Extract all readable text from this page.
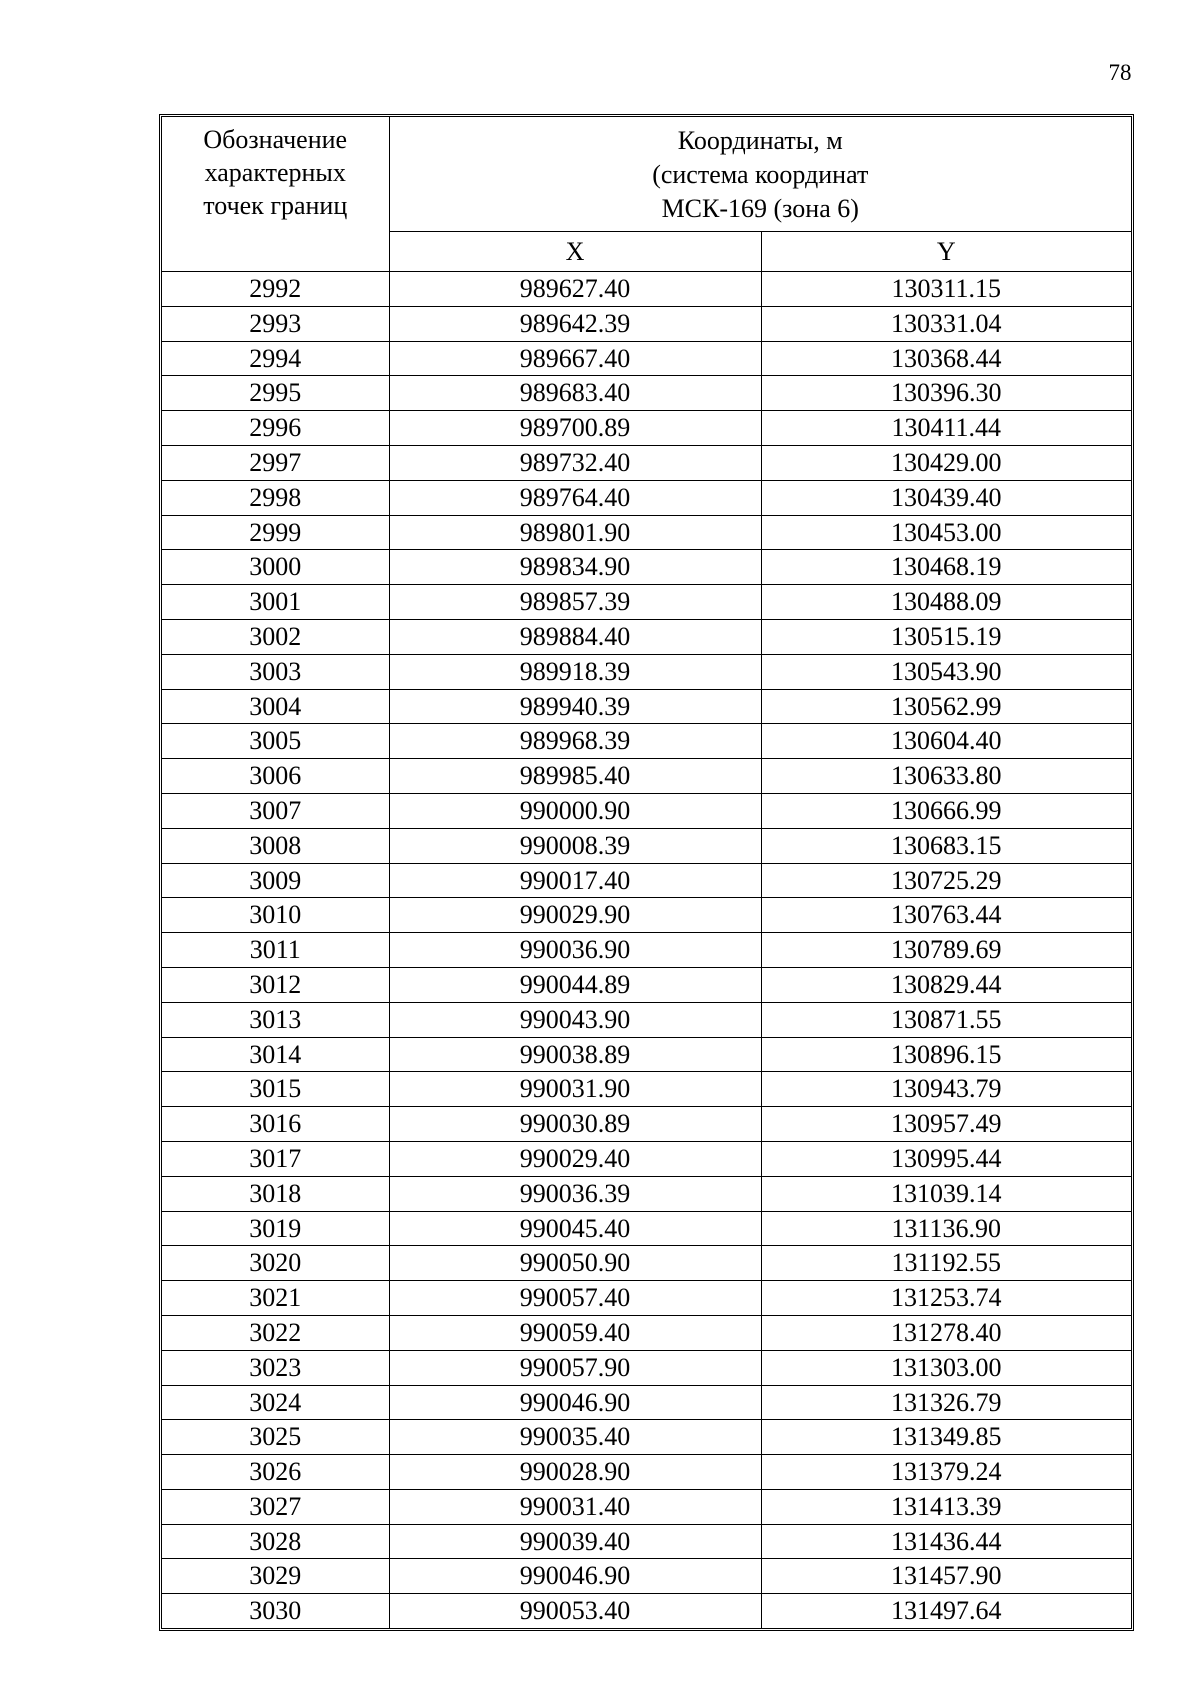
78
Обозначение
характерных
точек границ	Координаты, м
(система координат
МСК-169 (зона 6)	

	X	Y
2992	989627.40	130311.15
2993	989642.39	130331.04
2994	989667.40	130368.44
2995	989683.40	130396.30
2996	989700.89	130411.44
2997	989732.40	130429.00
2998	989764.40	130439.40
2999	989801.90	130453.00
3000	989834.90	130468.19
3001	989857.39	130488.09
3002	989884.40	130515.19
3003	989918.39	130543.90
3004	989940.39	130562.99
3005	989968.39	130604.40
3006	989985.40	130633.80
3007	990000.90	130666.99
3008	990008.39	130683.15
3009	990017.40	130725.29
3010	990029.90	130763.44
3011	990036.90	130789.69
3012	990044.89	130829.44
3013	990043.90	130871.55
3014	990038.89	130896.15
3015	990031.90	130943.79
3016	990030.89	130957.49
3017	990029.40	130995.44
3018	990036.39	131039.14
3019	990045.40	131136.90
3020	990050.90	131192.55
3021	990057.40	131253.74
3022	990059.40	131278.40
3023	990057.90	131303.00
3024	990046.90	131326.79
3025	990035.40	131349.85
3026	990028.90	131379.24
3027	990031.40	131413.39
3028	990039.40	131436.44
3029	990046.90	131457.90
3030	990053.40	131497.64
